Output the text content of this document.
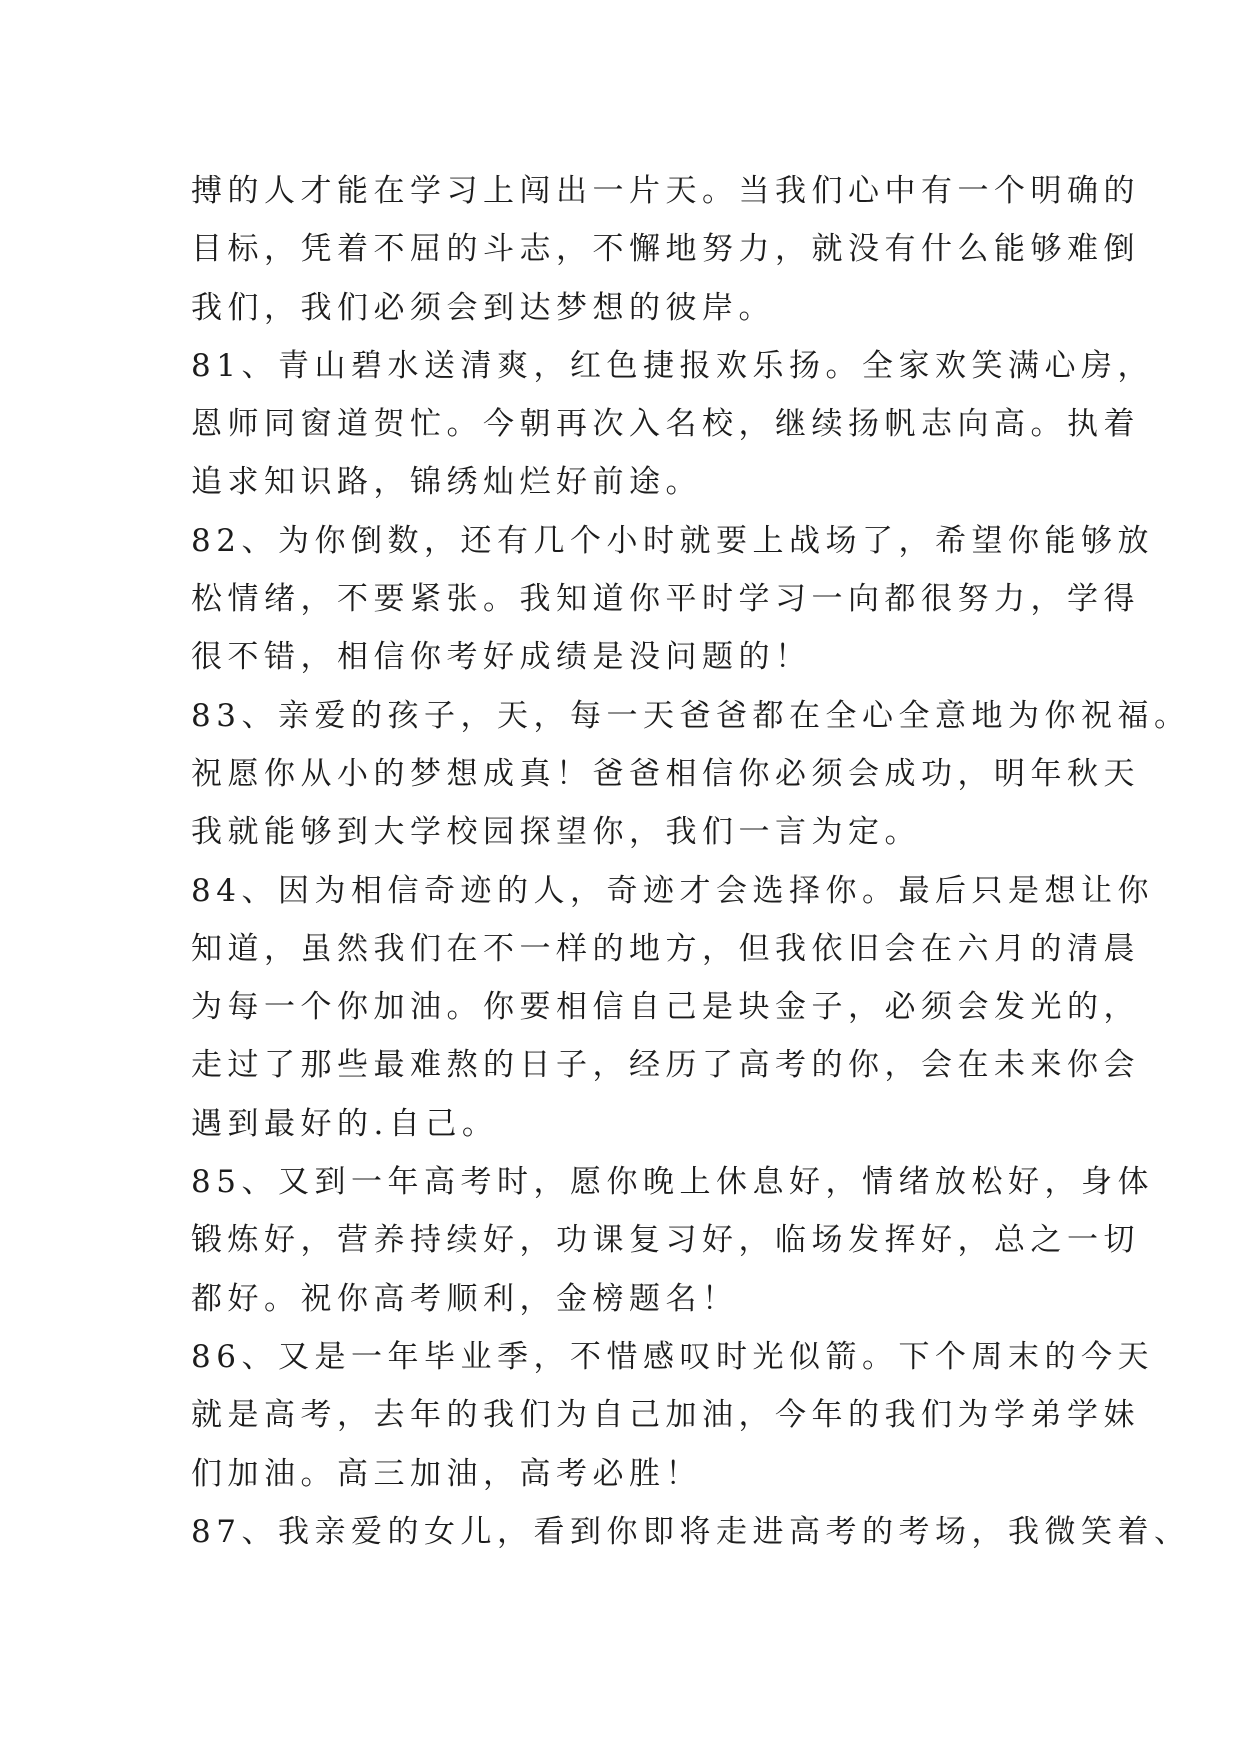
搏的人才能在学习上闯出一片天。当我们心中有一个明确的
目标，凭着不屈的斗志，不懈地努力，就没有什么能够难倒
我们，我们必须会到达梦想的彼岸。
81、青山碧水送清爽，红色捷报欢乐扬。全家欢笑满心房，
恩师同窗道贺忙。今朝再次入名校，继续扬帆志向高。执着
追求知识路，锦绣灿烂好前途。
82、为你倒数，还有几个小时就要上战场了，希望你能够放
松情绪，不要紧张。我知道你平时学习一向都很努力，学得
很不错，相信你考好成绩是没问题的！
83、亲爱的孩子，天，每一天爸爸都在全心全意地为你祝福。
祝愿你从小的梦想成真！爸爸相信你必须会成功，明年秋天
我就能够到大学校园探望你，我们一言为定。
84、因为相信奇迹的人，奇迹才会选择你。最后只是想让你
知道，虽然我们在不一样的地方，但我依旧会在六月的清晨
为每一个你加油。你要相信自己是块金子，必须会发光的，
走过了那些最难熬的日子，经历了高考的你，会在未来你会
遇到最好的.自己。
85、又到一年高考时，愿你晚上休息好，情绪放松好，身体
锻炼好，营养持续好，功课复习好，临场发挥好，总之一切
都好。祝你高考顺利，金榜题名！
86、又是一年毕业季，不惜感叹时光似箭。下个周末的今天
就是高考，去年的我们为自己加油，今年的我们为学弟学妹
们加油。高三加油，高考必胜！
87、我亲爱的女儿，看到你即将走进高考的考场，我微笑着、
